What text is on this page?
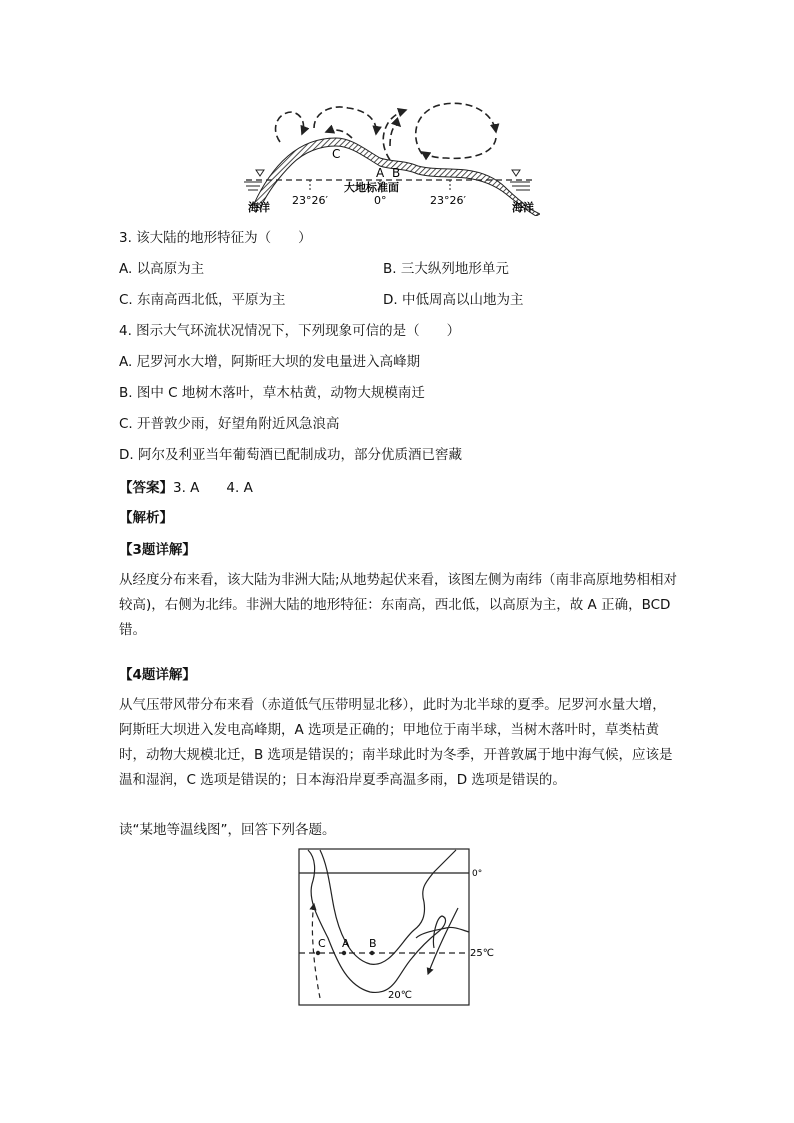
C
A B
大地标准面
23°26′	0°	23°26′
海洋	海洋
3. 该大陆的地形特征为（　　）
A. 以高原为主	B. 三大纵列地形单元
C. 东南高西北低，平原为主	D. 中低周高以山地为主
4. 图示大气环流状况情况下，下列现象可信的是（　　）
A. 尼罗河水大增，阿斯旺大坝的发电量进入高峰期
B. 图中 C 地树木落叶，草木枯黄，动物大规模南迁
C. 开普敦少雨，好望角附近风急浪高
D. 阿尔及利亚当年葡萄酒已配制成功，部分优质酒已窖藏
【答案】3. A　　4. A
【解析】
【3题详解】
从经度分布来看，该大陆为非洲大陆;从地势起伏来看，该图左侧为南纬（南非高原地势相相对较高)，右侧为北纬。非洲大陆的地形特征：东南高，西北低，以高原为主，故 A 正确，BCD 错。
【4题详解】
从气压带风带分布来看（赤道低气压带明显北移），此时为北半球的夏季。尼罗河水量大增，阿斯旺大坝进入发电高峰期，A 选项是正确的；甲地位于南半球，当树木落叶时，草类枯黄时，动物大规模北迁，B 选项是错误的；南半球此时为冬季，开普敦属于地中海气候，应该是温和湿润，C 选项是错误的；日本海沿岸夏季高温多雨，D 选项是错误的。
读“某地等温线图”，回答下列各题。
0°
C A B
25℃
20℃
